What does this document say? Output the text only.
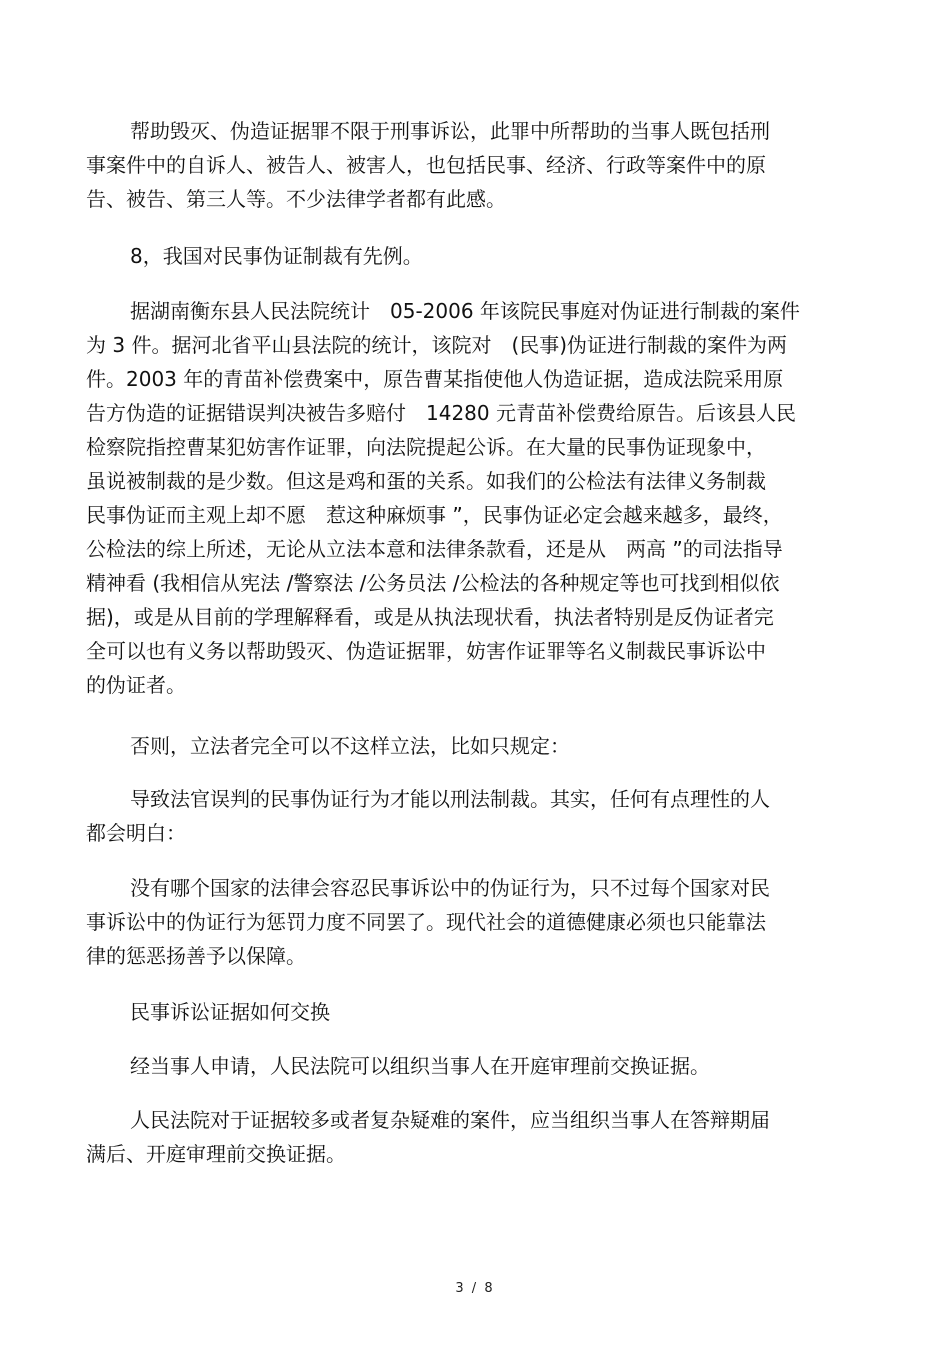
帮助毁灭、伪造证据罪不限于刑事诉讼，此罪中所帮助的当事人既包括刑
事案件中的自诉人、被告人、被害人，也包括民事、经济、行政等案件中的原
告、被告、第三人等。不少法律学者都有此感。
8，我国对民事伪证制裁有先例。
据湖南衡东县人民法院统计　05-2006 年该院民事庭对伪证进行制裁的案件
为 3 件。据河北省平山县法院的统计，该院对　(民事)伪证进行制裁的案件为两
件。2003 年的青苗补偿费案中，原告曹某指使他人伪造证据，造成法院采用原
告方伪造的证据错误判决被告多赔付　14280 元青苗补偿费给原告。后该县人民
检察院指控曹某犯妨害作证罪，向法院提起公诉。在大量的民事伪证现象中，
虽说被制裁的是少数。但这是鸡和蛋的关系。如我们的公检法有法律义务制裁
民事伪证而主观上却不愿　惹这种麻烦事 ”，民事伪证必定会越来越多，最终，
公检法的综上所述，无论从立法本意和法律条款看，还是从　两高 ”的司法指导
精神看 (我相信从宪法 /警察法 /公务员法 /公检法的各种规定等也可找到相似依
据)，或是从目前的学理解释看，或是从执法现状看，执法者特别是反伪证者完
全可以也有义务以帮助毁灭、伪造证据罪，妨害作证罪等名义制裁民事诉讼中
的伪证者。
否则，立法者完全可以不这样立法，比如只规定：
导致法官误判的民事伪证行为才能以刑法制裁。其实，任何有点理性的人
都会明白：
没有哪个国家的法律会容忍民事诉讼中的伪证行为，只不过每个国家对民
事诉讼中的伪证行为惩罚力度不同罢了。现代社会的道德健康必须也只能靠法
律的惩恶扬善予以保障。
民事诉讼证据如何交换
经当事人申请，人民法院可以组织当事人在开庭审理前交换证据。
人民法院对于证据较多或者复杂疑难的案件，应当组织当事人在答辩期届
满后、开庭审理前交换证据。
3 / 8
